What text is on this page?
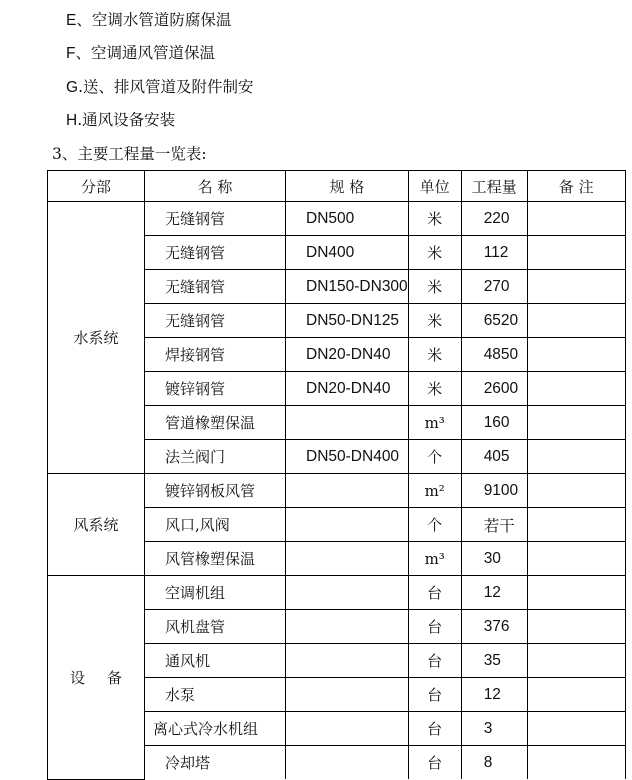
E、空调水管道防腐保温
F、空调通风管道保温
G.送、排风管道及附件制安
H.通风设备安装
3、主要工程量一览表:
分部	名 称	规 格	单位	工程量	备 注
水系统	无缝钢管	DN500	米	220	
	无缝钢管	DN400	米	112	
	无缝钢管	DN150-DN300	米	270	
	无缝钢管	DN50-DN125	米	6520	
	焊接钢管	DN20-DN40	米	4850	
	镀锌钢管	DN20-DN40	米	2600	
	管道橡塑保温		m³	160	
	法兰阀门	DN50-DN400	个	405	
风系统	镀锌钢板风管		m²	9100	
	风口,风阀		个	若干	
	风管橡塑保温		m³	30	
设备	空调机组		台	12	
	风机盘管		台	376	
	通风机		台	35	
	水泵		台	12	
	离心式冷水机组		台	3	
	冷却塔		台	8	
